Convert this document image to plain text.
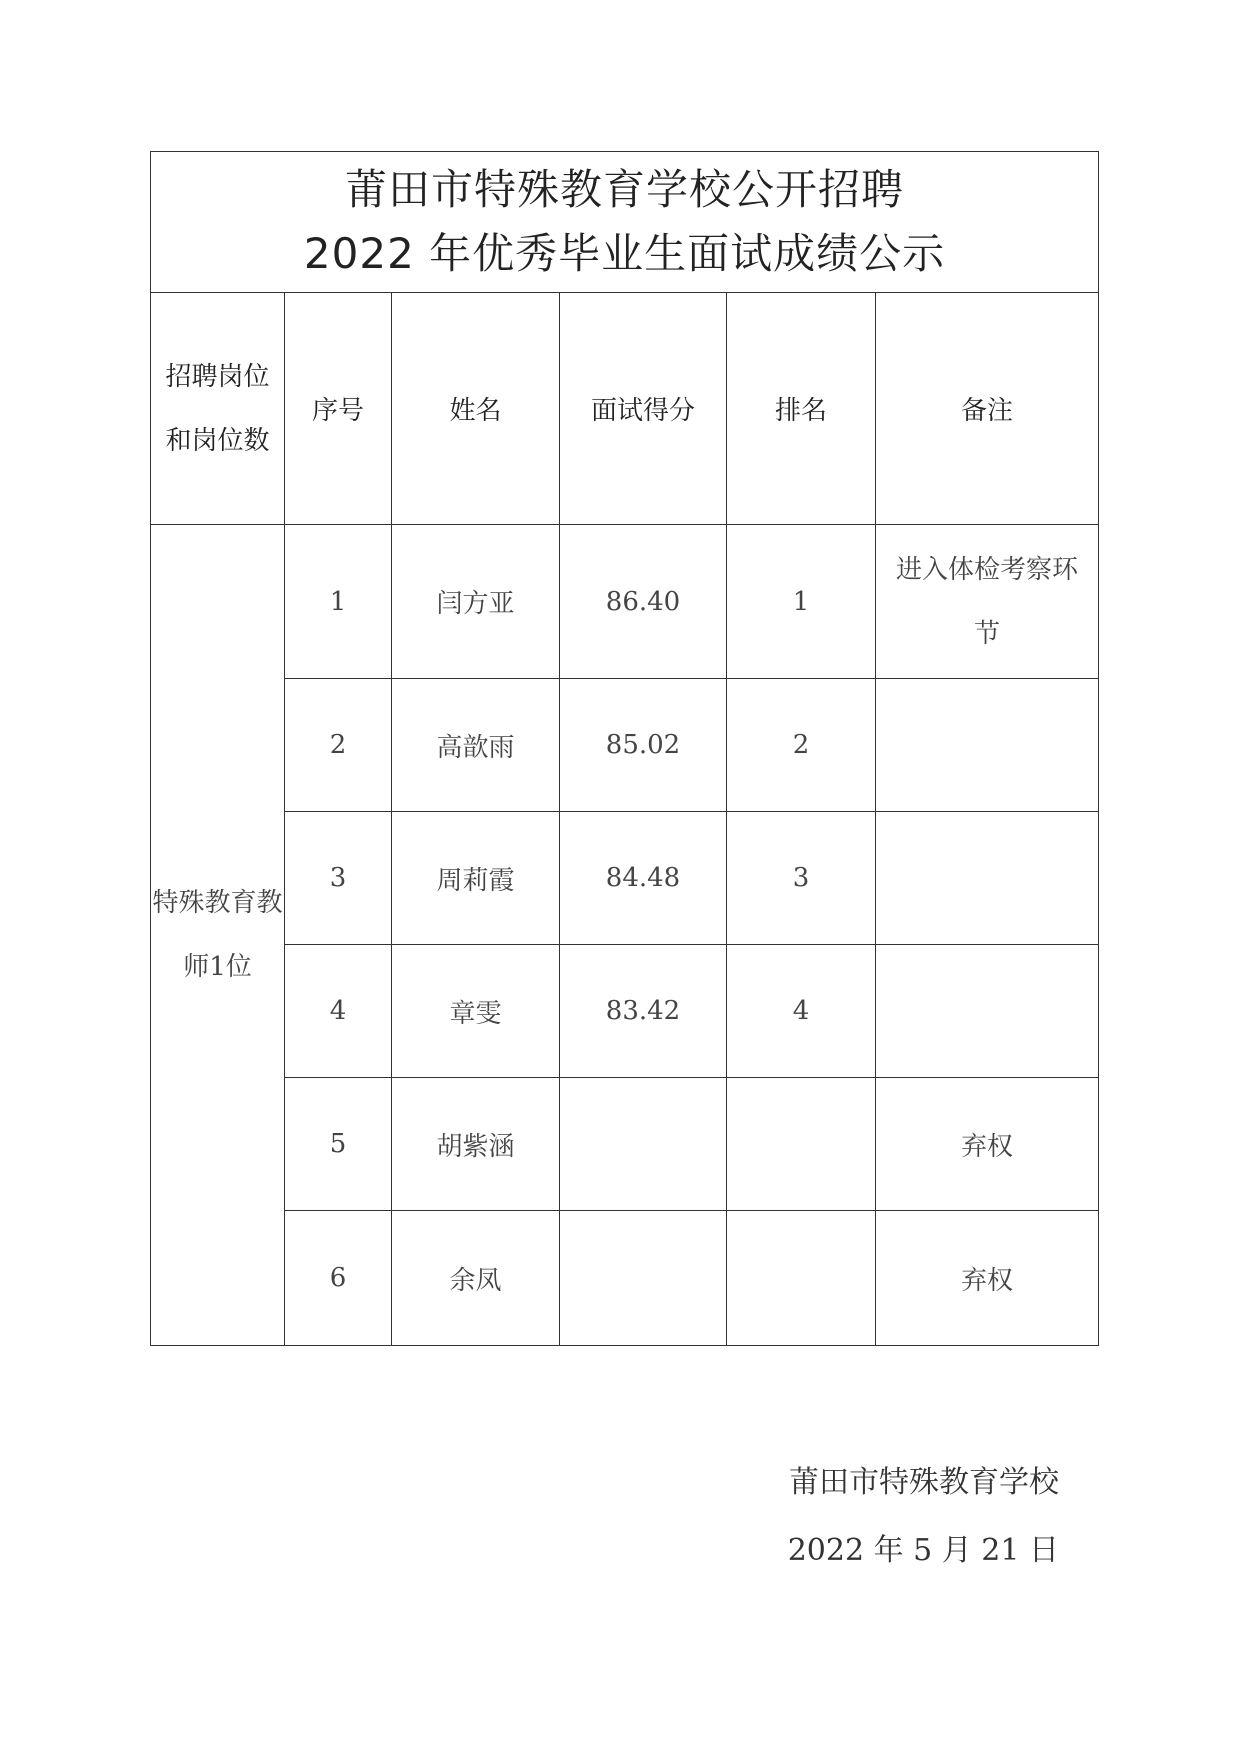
莆田市特殊教育学校公开招聘
2022 年优秀毕业生面试成绩公示					

招聘岗位和岗位数	序号	姓名	面试得分	排名	备注
特殊教育教师1位	1	闫方亚	86.40	1	进入体检考察环节

	2	高歆雨	85.02	2	
	3	周莉霞	84.48	3	
	4	章雯	83.42	4	
	5	胡紫涵			弃权
	6	余凤			弃权
莆田市特殊教育学校
2022 年 5 月 21 日
